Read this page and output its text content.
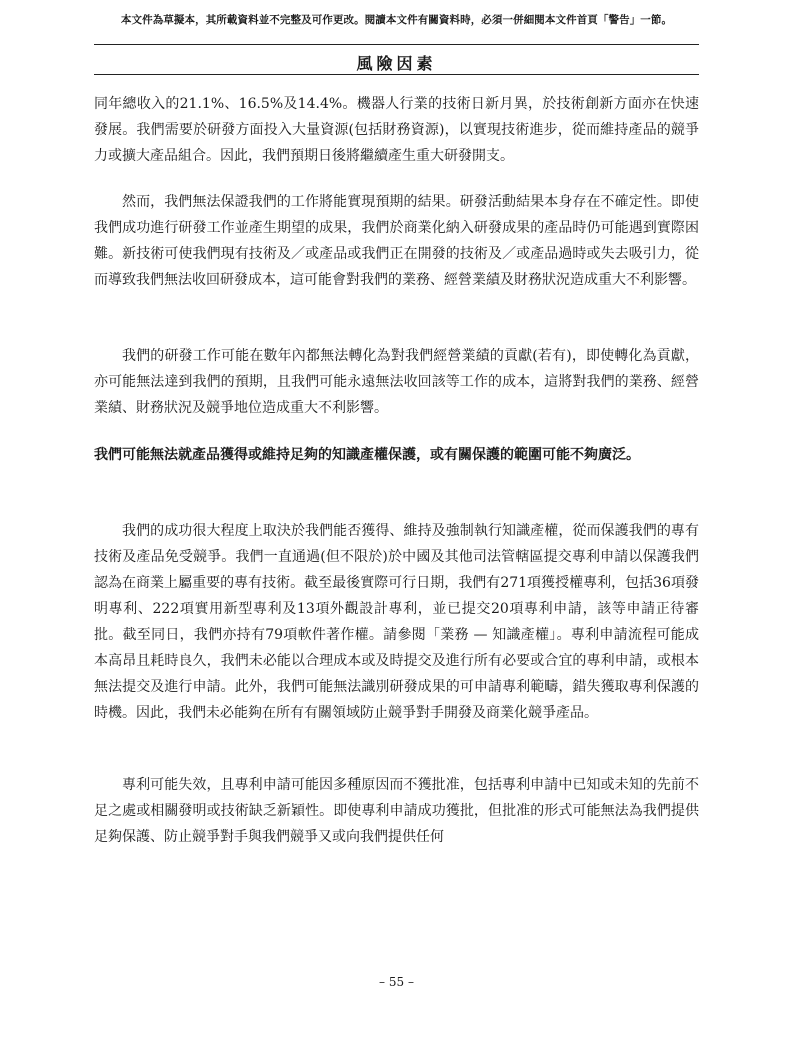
本文件為草擬本，其所載資料並不完整及可作更改。閱讀本文件有關資料時，必須一併細閱本文件首頁「警告」一節。
風險因素

同年總收入的21.1%、16.5%及14.4%。機器人行業的技術日新月異，於技術創新方面亦在快速發展。我們需要於研發方面投入大量資源(包括財務資源)，以實現技術進步，從而維持產品的競爭力或擴大產品組合。因此，我們預期日後將繼續產生重大研發開支。

然而，我們無法保證我們的工作將能實現預期的結果。研發活動結果本身存在不確定性。即使我們成功進行研發工作並產生期望的成果，我們於商業化納入研發成果的產品時仍可能遇到實際困難。新技術可使我們現有技術及／或產品或我們正在開發的技術及／或產品過時或失去吸引力，從而導致我們無法收回研發成本，這可能會對我們的業務、經營業績及財務狀況造成重大不利影響。

我們的研發工作可能在數年內都無法轉化為對我們經營業績的貢獻(若有)，即使轉化為貢獻，亦可能無法達到我們的預期，且我們可能永遠無法收回該等工作的成本，這將對我們的業務、經營業績、財務狀況及競爭地位造成重大不利影響。

我們可能無法就產品獲得或維持足夠的知識產權保護，或有關保護的範圍可能不夠廣泛。

我們的成功很大程度上取決於我們能否獲得、維持及強制執行知識產權，從而保護我們的專有技術及產品免受競爭。我們一直通過(但不限於)於中國及其他司法管轄區提交專利申請以保護我們認為在商業上屬重要的專有技術。截至最後實際可行日期，我們有271項獲授權專利，包括36項發明專利、222項實用新型專利及13項外觀設計專利，並已提交20項專利申請，該等申請正待審批。截至同日，我們亦持有79項軟件著作權。請參閱「業務 — 知識產權」。專利申請流程可能成本高昂且耗時良久，我們未必能以合理成本或及時提交及進行所有必要或合宜的專利申請，或根本無法提交及進行申請。此外，我們可能無法識別研發成果的可申請專利範疇，錯失獲取專利保護的時機。因此，我們未必能夠在所有有關領域防止競爭對手開發及商業化競爭產品。

專利可能失效，且專利申請可能因多種原因而不獲批准，包括專利申請中已知或未知的先前不足之處或相關發明或技術缺乏新穎性。即使專利申請成功獲批，但批准的形式可能無法為我們提供足夠保護、防止競爭對手與我們競爭又或向我們提供任何

– 55 –
